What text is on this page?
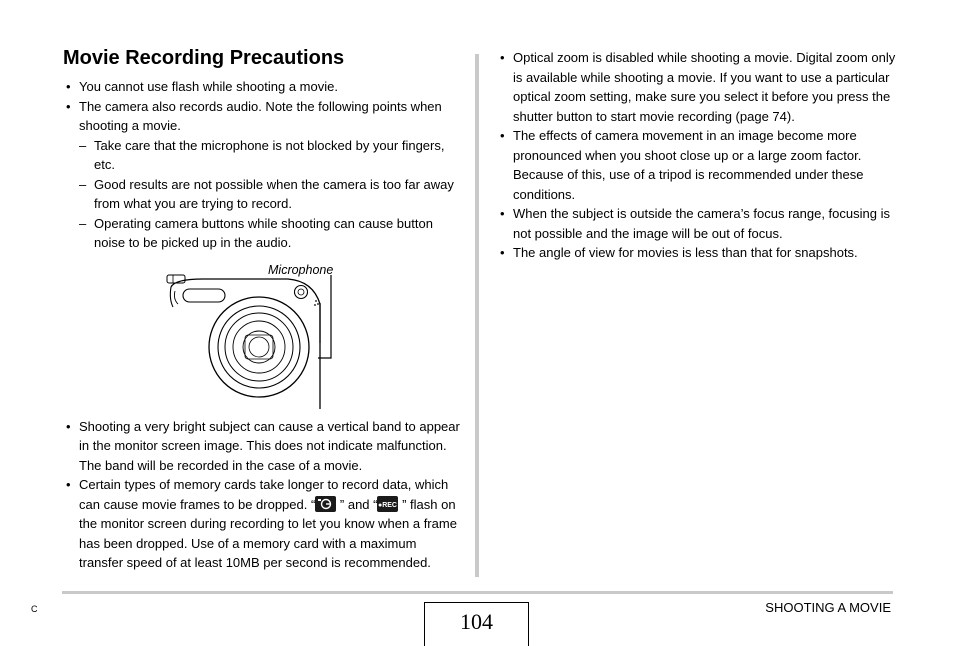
Movie Recording Precautions
• You cannot use flash while shooting a movie.
• The camera also records audio. Note the following points when shooting a movie.
– Take care that the microphone is not blocked by your fingers, etc.
– Good results are not possible when the camera is too far away from what you are trying to record.
– Operating camera buttons while shooting can cause button noise to be picked up in the audio.
Microphone
• Shooting a very bright subject can cause a vertical band to appear in the monitor screen image. This does not indicate malfunction. The band will be recorded in the case of a movie.
• Certain types of memory cards take longer to record data, which can cause movie frames to be dropped. “ ” and “ ●REC ” flash on the monitor screen during recording to let you know when a frame has been dropped. Use of a memory card with a maximum transfer speed of at least 10MB per second is recommended.
• Optical zoom is disabled while shooting a movie. Digital zoom only is available while shooting a movie. If you want to use a particular optical zoom setting, make sure you select it before you press the shutter button to start movie recording (page 74).
• The effects of camera movement in an image become more pronounced when you shoot close up or a large zoom factor. Because of this, use of a tripod is recommended under these conditions.
• When the subject is outside the camera’s focus range, focusing is not possible and the image will be out of focus.
• The angle of view for movies is less than that for snapshots.
C	104
SHOOTING A MOVIE
